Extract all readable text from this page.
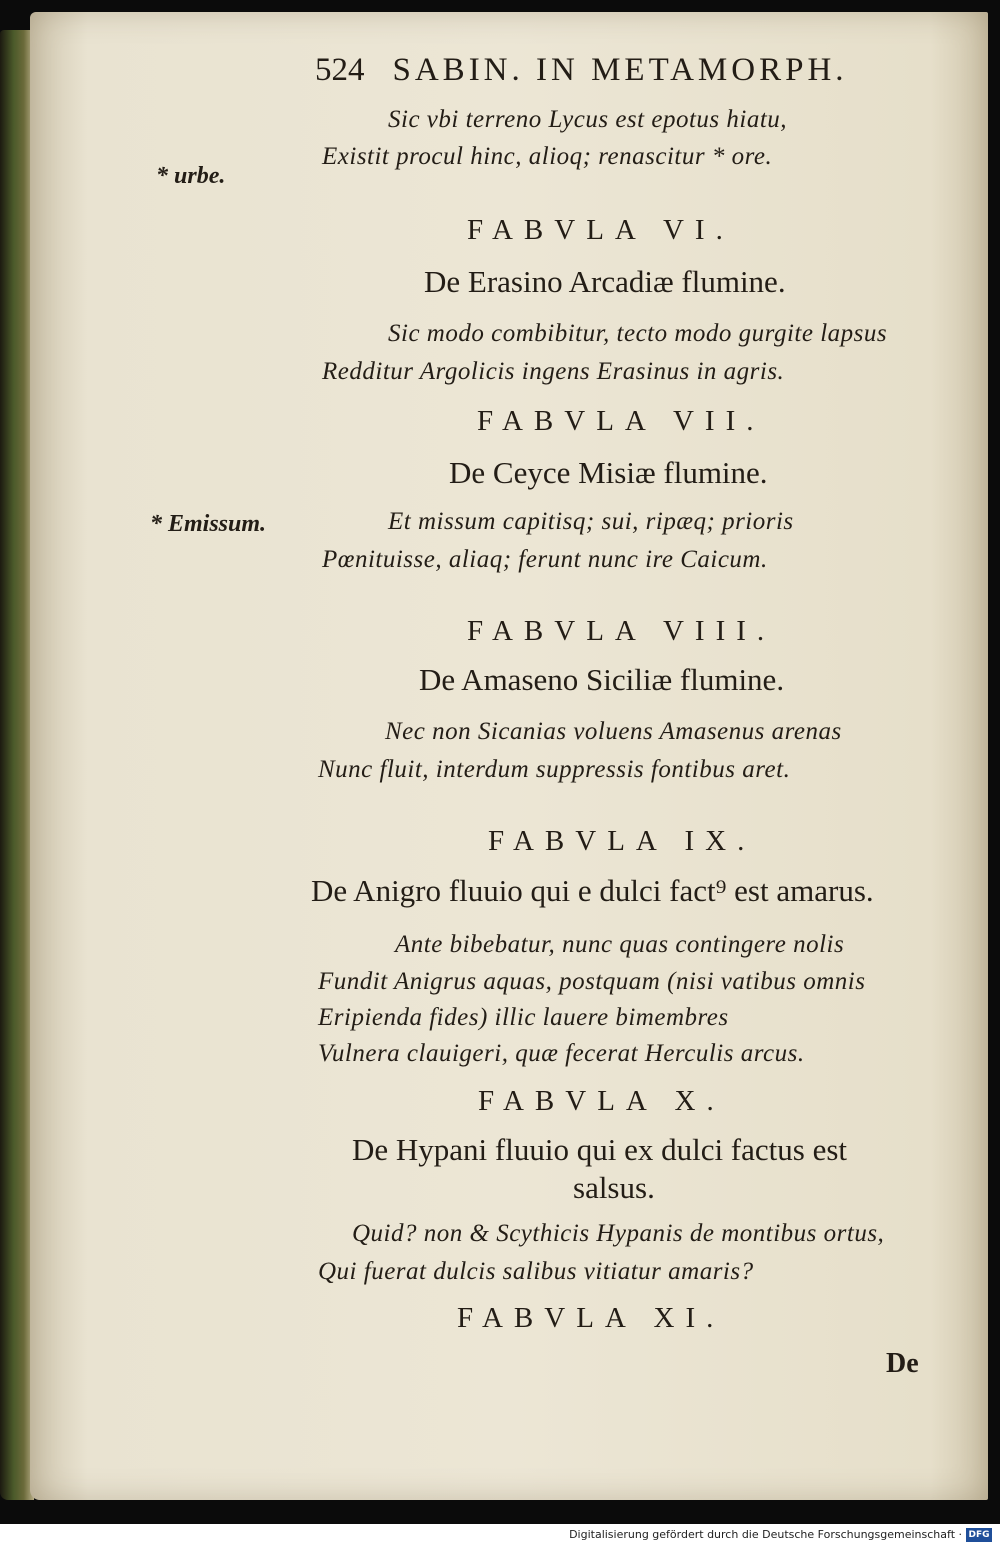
524 SABIN. IN METAMORPH.
* urbe.
* Emissum.
Sic vbi terreno Lycus est epotus hiatu,
Existit procul hinc, alioq; renascitur * ore.
FABVLA VI.
De Erasino Arcadiæ flumine.
Sic modo combibitur, tecto modo gurgite lapsus
Redditur Argolicis ingens Erasinus in agris.
FABVLA VII.
De Ceyce Misiæ flumine.
Et missum capitisq; sui, ripæq; prioris
Pœnituisse, aliaq; ferunt nunc ire Caicum.
FABVLA VIII.
De Amaseno Siciliæ flumine.
Nec non Sicanias voluens Amasenus arenas
Nunc fluit, interdum suppressis fontibus aret.
FABVLA IX.
De Anigro fluuio qui e dulci fact⁹ est amarus.
Ante bibebatur, nunc quas contingere nolis
Fundit Anigrus aquas, postquam (nisi vatibus omnis
Eripienda fides) illic lauere bimembres
Vulnera clauigeri, quæ fecerat Herculis arcus.
FABVLA X.
De Hypani fluuio qui ex dulci factus est
salsus.
Quid? non & Scythicis Hypanis de montibus ortus,
Qui fuerat dulcis salibus vitiatur amaris?
FABVLA XI.
De
Digitalisierung gefördert durch die Deutsche Forschungsgemeinschaft · DFG
